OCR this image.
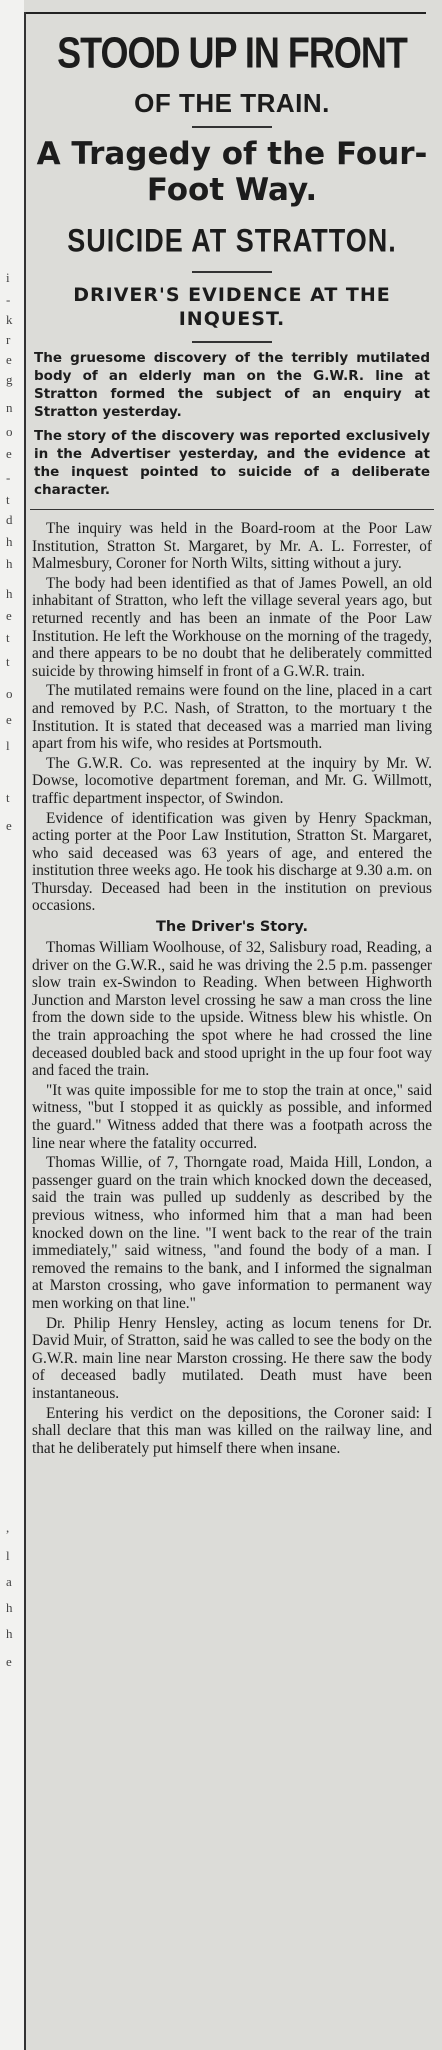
i
-
k
r
e
g
n
o
e
-
t
d
h
h
h
e
t
t
o
e
l
t
e
,
l
a
h
h
e
STOOD UP IN FRONT
OF THE TRAIN.
A Tragedy of the Four-Foot Way.
SUICIDE AT STRATTON.
DRIVER'S EVIDENCE AT THE INQUEST.

The gruesome discovery of the terribly mutilated body of an elderly man on the G.W.R. line at Stratton formed the subject of an enquiry at Stratton yesterday.

The story of the discovery was reported exclusively in the Advertiser yesterday, and the evidence at the inquest pointed to suicide of a deliberate character.

The inquiry was held in the Board-room at the Poor Law Institution, Stratton St. Margaret, by Mr. A. L. Forrester, of Malmesbury, Coroner for North Wilts, sitting without a jury.

The body had been identified as that of James Powell, an old inhabitant of Stratton, who left the village several years ago, but returned recently and has been an inmate of the Poor Law Institution. He left the Workhouse on the morning of the tragedy, and there appears to be no doubt that he deliberately committed suicide by throwing himself in front of a G.W.R. train.

The mutilated remains were found on the line, placed in a cart and removed by P.C. Nash, of Stratton, to the mortuary t the Institution. It is stated that deceased was a married man living apart from his wife, who resides at Portsmouth.

The G.W.R. Co. was represented at the inquiry by Mr. W. Dowse, locomotive department foreman, and Mr. G. Willmott, traffic department inspector, of Swindon.

Evidence of identification was given by Henry Spackman, acting porter at the Poor Law Institution, Stratton St. Margaret, who said deceased was 63 years of age, and entered the institution three weeks ago. He took his discharge at 9.30 a.m. on Thursday. Deceased had been in the institution on previous occasions.

The Driver's Story.

Thomas William Woolhouse, of 32, Salisbury road, Reading, a driver on the G.W.R., said he was driving the 2.5 p.m. passenger slow train ex-Swindon to Reading. When between Highworth Junction and Marston level crossing he saw a man cross the line from the down side to the upside. Witness blew his whistle. On the train approaching the spot where he had crossed the line deceased doubled back and stood upright in the up four foot way and faced the train.

"It was quite impossible for me to stop the train at once," said witness, "but I stopped it as quickly as possible, and informed the guard." Witness added that there was a footpath across the line near where the fatality occurred.

Thomas Willie, of 7, Thorngate road, Maida Hill, London, a passenger guard on the train which knocked down the deceased, said the train was pulled up suddenly as described by the previous witness, who informed him that a man had been knocked down on the line. "I went back to the rear of the train immediately," said witness, "and found the body of a man. I removed the remains to the bank, and I informed the signalman at Marston crossing, who gave information to permanent way men working on that line."

Dr. Philip Henry Hensley, acting as locum tenens for Dr. David Muir, of Stratton, said he was called to see the body on the G.W.R. main line near Marston crossing. He there saw the body of deceased badly mutilated. Death must have been instantaneous.

Entering his verdict on the depositions, the Coroner said: I shall declare that this man was killed on the railway line, and that he deliberately put himself there when insane.
